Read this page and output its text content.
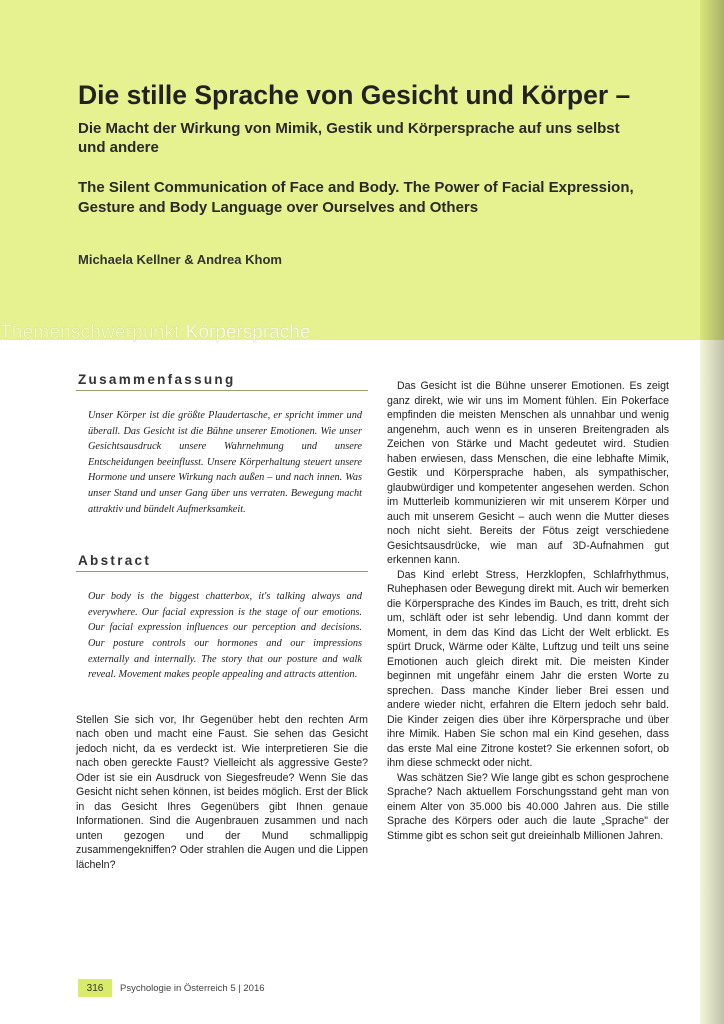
Die stille Sprache von Gesicht und Körper –

Die Macht der Wirkung von Mimik, Gestik und Körpersprache auf uns selbst und andere

The Silent Communication of Face and Body. The Power of Facial Expression, Gesture and Body Language over Ourselves and Others

Michaela Kellner & Andrea Khom

Themenschwerpunkt Körpersprache
Zusammenfassung

Unser Körper ist die größte Plaudertasche, er spricht immer und überall. Das Gesicht ist die Bühne unserer Emotionen. Wie unser Gesichtsausdruck unsere Wahrnehmung und unsere Entscheidungen beeinflusst. Unsere Körperhaltung steuert unsere Hormone und unsere Wirkung nach außen – und nach innen. Was unser Stand und unser Gang über uns verraten. Bewegung macht attraktiv und bündelt Aufmerksamkeit.

Abstract

Our body is the biggest chatterbox, it's talking always and everywhere. Our facial expression is the stage of our emotions. Our facial expression influences our perception and decisions. Our posture controls our hormones and our impressions externally and internally. The story that our posture and walk reveal. Movement makes people appealing and attracts attention.

Stellen Sie sich vor, Ihr Gegenüber hebt den rechten Arm nach oben und macht eine Faust. Sie sehen das Gesicht jedoch nicht, da es verdeckt ist. Wie interpretieren Sie die nach oben gereckte Faust? Vielleicht als aggressive Geste? Oder ist sie ein Ausdruck von Siegesfreude? Wenn Sie das Gesicht nicht sehen können, ist beides möglich. Erst der Blick in das Gesicht Ihres Gegenübers gibt Ihnen genaue Informationen. Sind die Augenbrauen zusammen und nach unten gezogen und der Mund schmallippig zusammengekniffen? Oder strahlen die Augen und die Lippen lächeln?

Das Gesicht ist die Bühne unserer Emotionen. Es zeigt ganz direkt, wie wir uns im Moment fühlen. Ein Pokerface empfinden die meisten Menschen als unnahbar und wenig angenehm, auch wenn es in unseren Breitengraden als Zeichen von Stärke und Macht gedeutet wird. Studien haben erwiesen, dass Menschen, die eine lebhafte Mimik, Gestik und Körpersprache haben, als sympathischer, glaubwürdiger und kompetenter angesehen werden. Schon im Mutterleib kommunizieren wir mit unserem Körper und auch mit unserem Gesicht – auch wenn die Mutter dieses noch nicht sieht. Bereits der Fötus zeigt verschiedene Gesichtsausdrücke, wie man auf 3D-Aufnahmen gut erkennen kann.

Das Kind erlebt Stress, Herzklopfen, Schlafrhythmus, Ruhephasen oder Bewegung direkt mit. Auch wir bemerken die Körpersprache des Kindes im Bauch, es tritt, dreht sich um, schläft oder ist sehr lebendig. Und dann kommt der Moment, in dem das Kind das Licht der Welt erblickt. Es spürt Druck, Wärme oder Kälte, Luftzug und teilt uns seine Emotionen auch gleich direkt mit. Die meisten Kinder beginnen mit ungefähr einem Jahr die ersten Worte zu sprechen. Dass manche Kinder lieber Brei essen und andere wieder nicht, erfahren die Eltern jedoch sehr bald. Die Kinder zeigen dies über ihre Körpersprache und über ihre Mimik. Haben Sie schon mal ein Kind gesehen, dass das erste Mal eine Zitrone kostet? Sie erkennen sofort, ob ihm diese schmeckt oder nicht.

Was schätzen Sie? Wie lange gibt es schon gesprochene Sprache? Nach aktuellem Forschungsstand geht man von einem Alter von 35.000 bis 40.000 Jahren aus. Die stille Sprache des Körpers oder auch die laute „Sprache" der Stimme gibt es schon seit gut dreieinhalb Millionen Jahren.

316 Psychologie in Österreich 5 | 2016
